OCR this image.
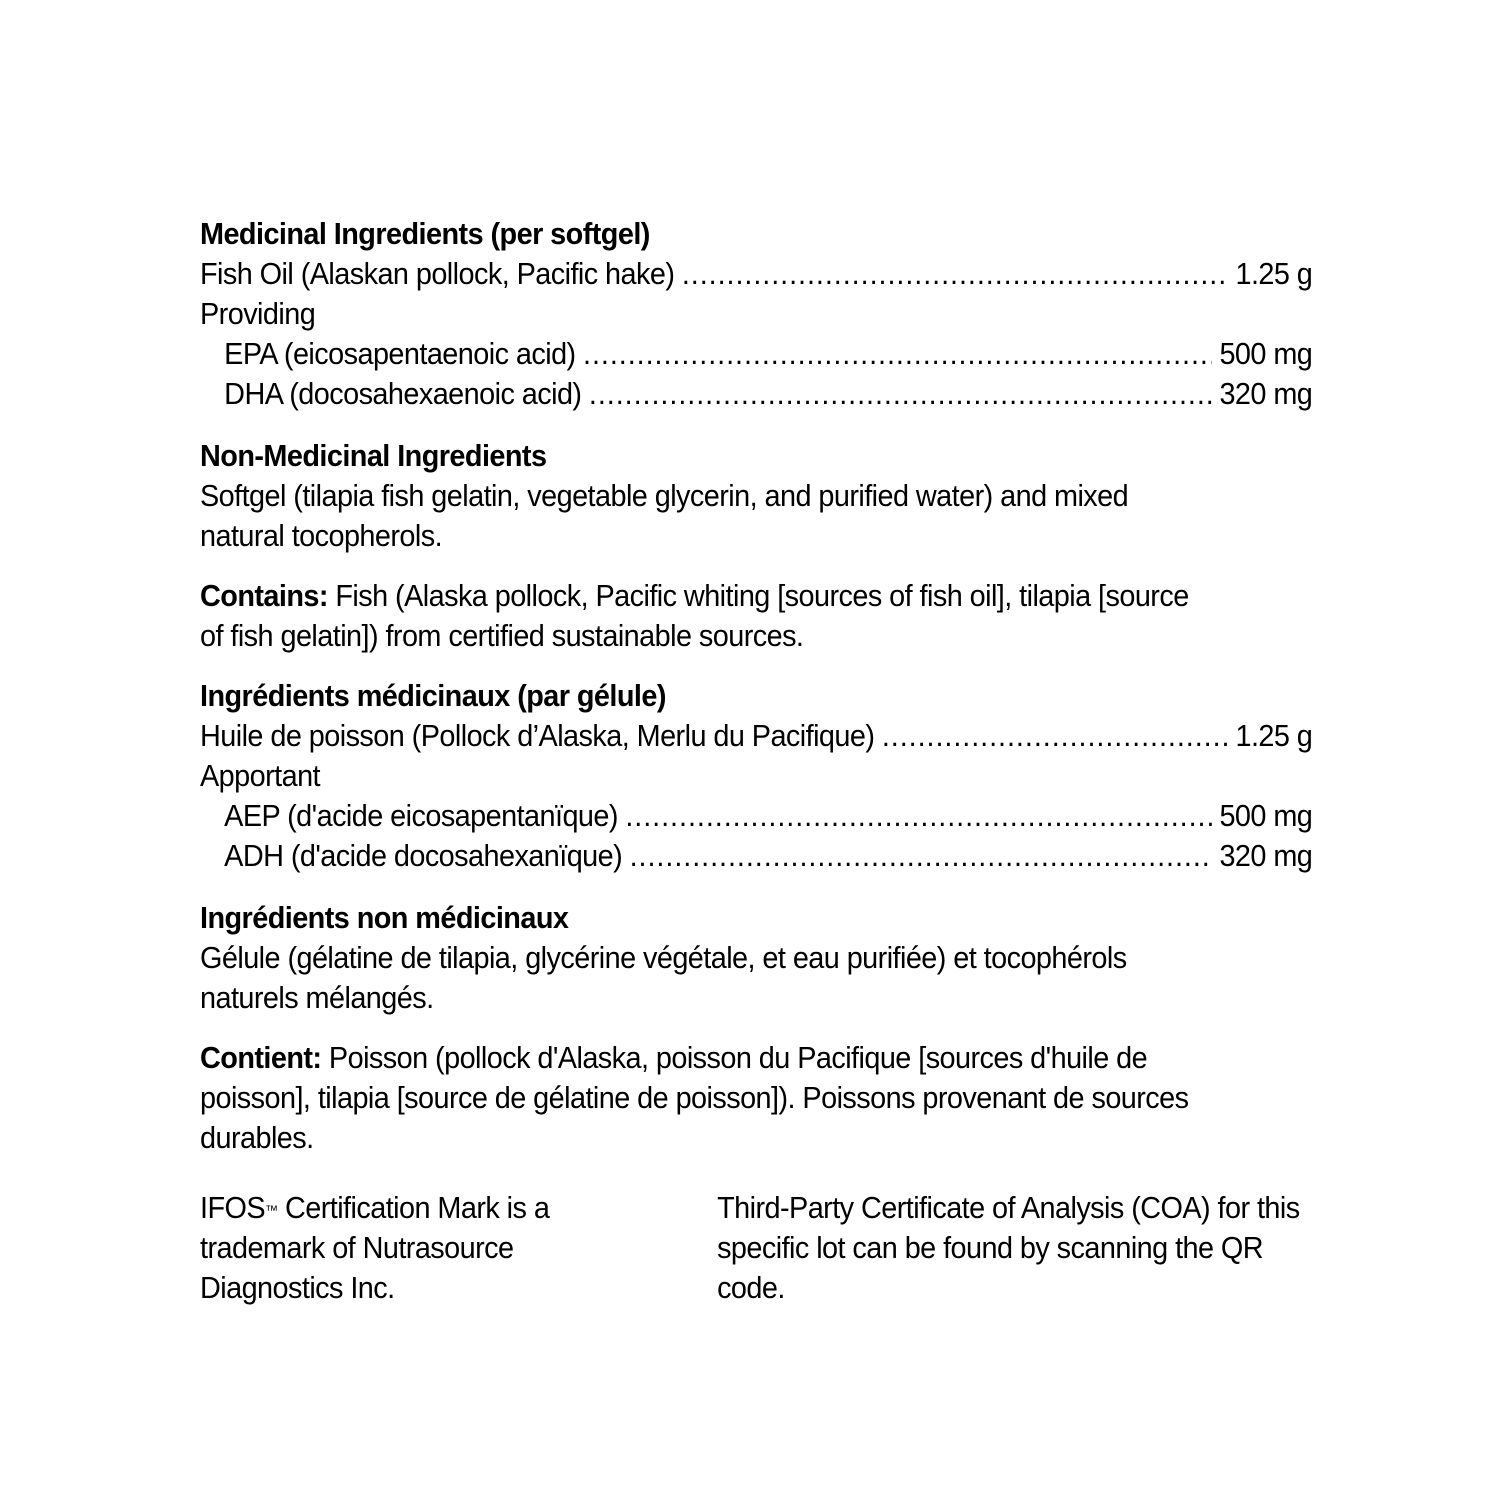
Medicinal Ingredients (per softgel)
Fish Oil (Alaskan pollock, Pacific hake) .....	1.25 g
Providing
EPA (eicosapentaenoic acid) .....	500 mg
DHA (docosahexaenoic acid) .....	320 mg
Non-Medicinal Ingredients
Softgel (tilapia fish gelatin, vegetable glycerin, and purified water) and mixed natural tocopherols.
Contains: Fish (Alaska pollock, Pacific whiting [sources of fish oil], tilapia [source of fish gelatin]) from certified sustainable sources.
Ingrédients médicinaux (par gélule)
Huile de poisson (Pollock d’Alaska, Merlu du Pacifique) .....	1.25 g
Apportant
AEP (d'acide eicosapentanïque) .....	500 mg
ADH (d'acide docosahexanïque) .....	320 mg
Ingrédients non médicinaux
Gélule (gélatine de tilapia, glycérine végétale, et eau purifiée) et tocophérols naturels mélangés.
Contient: Poisson (pollock d'Alaska, poisson du Pacifique [sources d'huile de poisson], tilapia [source de gélatine de poisson]). Poissons provenant de sources durables.
IFOS™ Certification Mark is a trademark of Nutrasource Diagnostics Inc.
Third-Party Certificate of Analysis (COA) for this specific lot can be found by scanning the QR code.
